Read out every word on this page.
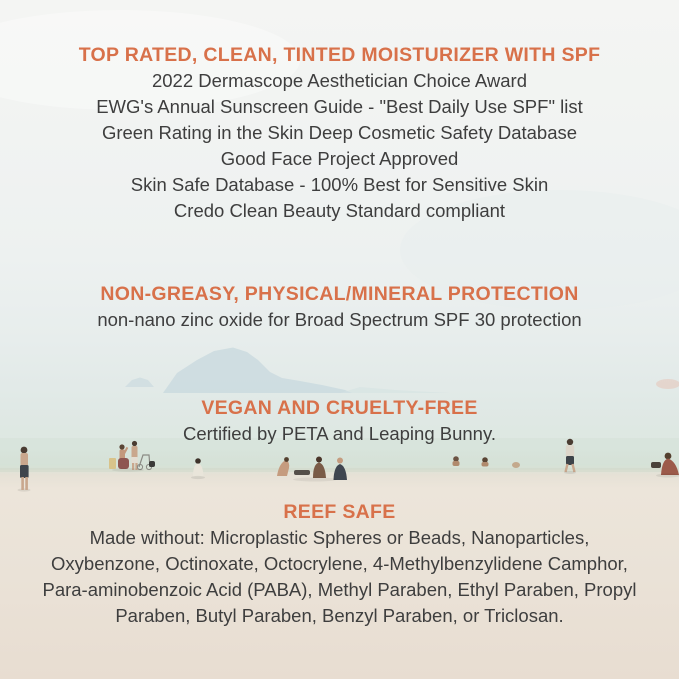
TOP RATED, CLEAN, TINTED MOISTURIZER WITH SPF
2022 Dermascope Aesthetician Choice Award
EWG's Annual Sunscreen Guide - "Best Daily Use SPF" list
Green Rating in the Skin Deep Cosmetic Safety Database
Good Face Project Approved
Skin Safe Database - 100% Best for Sensitive Skin
Credo Clean Beauty Standard compliant
NON-GREASY, PHYSICAL/MINERAL PROTECTION
non-nano zinc oxide for Broad Spectrum SPF 30 protection
VEGAN AND CRUELTY-FREE
Certified by PETA and Leaping Bunny.
REEF SAFE
Made without: Microplastic Spheres or Beads, Nanoparticles, Oxybenzone, Octinoxate, Octocrylene, 4-Methylbenzylidene Camphor, Para-aminobenzoic Acid (PABA), Methyl Paraben, Ethyl Paraben, Propyl Paraben, Butyl Paraben, Benzyl Paraben, or Triclosan.
